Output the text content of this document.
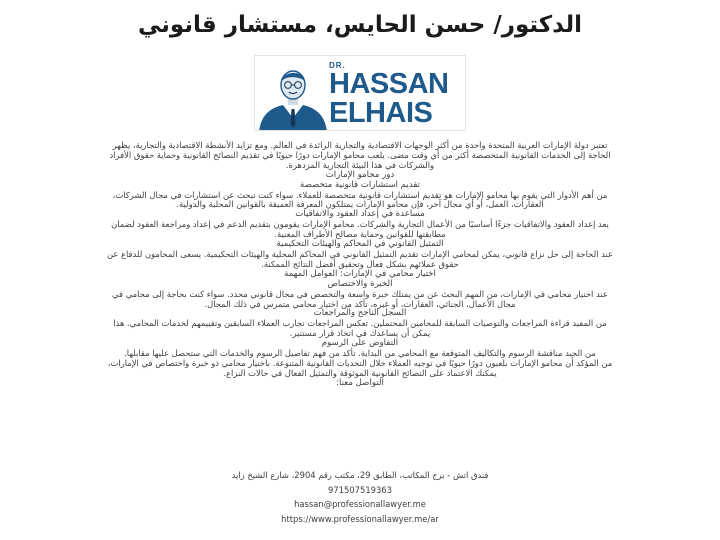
الدكتور/ حسن الحايس، مستشار قانوني
DR.
HASSAN
ELHAIS

تعتبر دولة الإمارات العربية المتحدة واحدة من أكثر الوجهات الاقتصادية والتجارية الرائدة في العالم. ومع تزايد الأنشطة الاقتصادية والتجارية، يظهر الحاجة إلى الخدمات القانونية المتخصصة أكثر من أي وقت مضى. يلعب محامو الإمارات دورًا حيويًا في تقديم النصائح القانونية وحماية حقوق الأفراد والشركات في هذا البيئة التجارية المزدهرة.

دور محامو الإمارات

تقديم استشارات قانونية متخصصة

من أهم الأدوار التي يقوم بها محامو الإمارات هو تقديم استشارات قانونية متخصصة للعملاء. سواء كنت تبحث عن استشارات في مجال الشركات، العقارات، العمل، أو أي مجال آخر، فإن محامو الإمارات يمتلكون المعرفة العميقة بالقوانين المحلية والدولية.

مساعدة في إعداد العقود والاتفاقيات

يعد إعداد العقود والاتفاقيات جزءًا أساسيًا من الأعمال التجارية والشركات. محامو الإمارات يقومون بتقديم الدعم في إعداد ومراجعة العقود لضمان مطابقتها للقوانين وحماية مصالح الأطراف المعنية.

التمثيل القانوني في المحاكم والهيئات التحكيمية

عند الحاجة إلى حل نزاع قانوني، يمكن لمحامي الإمارات تقديم التمثيل القانوني في المحاكم المحلية والهيئات التحكيمية. يسعى المحامون للدفاع عن حقوق عملائهم بشكل فعال وتحقيق أفضل النتائج الممكنة.

اختيار محامي في الإمارات: العوامل المهمة

الخبرة والاختصاص

عند اختيار محامي في الإمارات، من المهم البحث عن من يمتلك خبرة واسعة والتخصص في مجال قانوني محدد. سواء كنت بحاجة إلى محامي في مجال الأعمال، الجنائي، العقارات، أو غيره، تأكد من اختيار محامي متمرس في ذلك المجال.

السجل الناجح والمراجعات

من المفيد قراءة المراجعات والتوصيات السابقة للمحامين المحتملين. تعكس المراجعات تجارب العملاء السابقين وتقييمهم لخدمات المحامي. هذا يمكن أن يساعدك في اتخاذ قرار مستنير.

التفاوض على الرسوم

من الجيد مناقشة الرسوم والتكاليف المتوقعة مع المحامي من البداية. تأكد من فهم تفاصيل الرسوم والخدمات التي ستحصل عليها مقابلها.

من المؤكد أن محامو الإمارات يلعبون دورًا حيويًا في توجيه العملاء خلال التحديات القانونية المتنوعة. باختيار محامي ذو خبرة واختصاص في الإمارات، يمكنك الاعتماد على النصائح القانونية الموثوقة والتمثيل الفعال في حالات النزاع.

التواصل معنا:

فندق اتش - برج المكاتب، الطابق 29، مكتب رقم 2904، شارع الشيخ زايد

971507519363

hassan@professionallawyer.me

https://www.professionallawyer.me/ar
